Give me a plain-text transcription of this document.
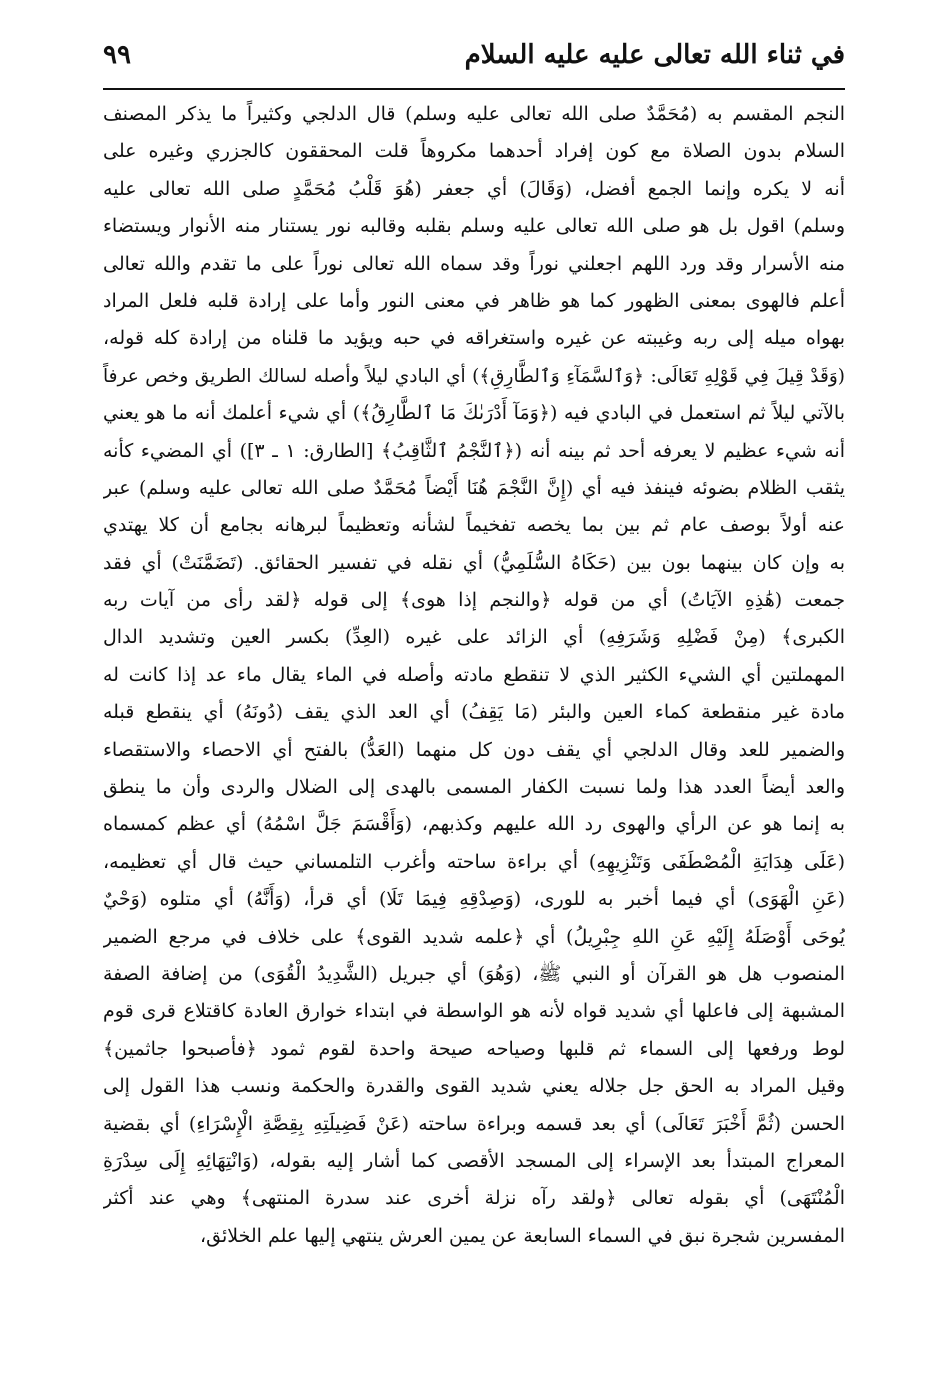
في ثناء الله تعالى عليه عليه السلام
٩٩
النجم المقسم به (مُحَمَّدٌ صلى الله تعالى عليه وسلم) قال الدلجي وكثيراً ما يذكر المصنف
السلام بدون الصلاة مع كون إفراد أحدهما مكروهاً قلت المحققون كالجزري وغيره على
أنه لا يكره وإنما الجمع أفضل، (وَقَالَ) أي جعفر (هُوَ قَلْبُ مُحَمَّدٍ صلى الله تعالى عليه
وسلم) اقول بل هو صلى الله تعالى عليه وسلم بقلبه وقالبه نور يستنار منه الأنوار ويستضاء
منه الأسرار وقد ورد اللهم اجعلني نوراً وقد سماه الله تعالى نوراً على ما تقدم والله تعالى
أعلم فالهوى بمعنى الظهور كما هو ظاهر في معنى النور وأما على إرادة قلبه فلعل المراد
بهواه ميله إلى ربه وغيبته عن غيره واستغراقه في حبه ويؤيد ما قلناه من إرادة كله قوله،
(وَقَدْ قِيلَ فِي قَوْلِهِ تَعَالَى: ﴿وَٱلسَّمَآءِ وَٱلطَّارِقِ﴾) أي البادي ليلاً وأصله لسالك الطريق وخص عرفاً
بالآتي ليلاً ثم استعمل في البادي فيه (﴿وَمَآ أَدْرَىٰكَ مَا ٱلطَّارِقُ﴾) أي شيء أعلمك أنه ما هو يعني
أنه شيء عظيم لا يعرفه أحد ثم بينه أنه (﴿ٱلنَّجْمُ ٱلثَّاقِبُ﴾ [الطارق: ١ ـ ٣]) أي المضيء كأنه
يثقب الظلام بضوئه فينفذ فيه أي (إِنَّ النَّجْمَ هُنَا أَيْضاً مُحَمَّدٌ صلى الله تعالى عليه وسلم) عبر
عنه أولاً بوصف عام ثم بين بما يخصه تفخيماً لشأنه وتعظيماً لبرهانه بجامع أن كلا يهتدي
به وإن كان بينهما بون بين (حَكَاهُ السُّلَمِيُّ) أي نقله في تفسير الحقائق. (تَضَمَّنَتْ) أي فقد
جمعت (هَٰذِهِ الآيَاتُ) أي من قوله ﴿والنجم إذا هوى﴾ إلى قوله ﴿لقد رأى من آيات ربه
الكبرى﴾ (مِنْ فَضْلِهِ وَشَرَفِهِ) أي الزائد على غيره (العِدِّ) بكسر العين وتشديد الدال
المهملتين أي الشيء الكثير الذي لا تنقطع مادته وأصله في الماء يقال ماء عد إذا كانت له
مادة غير منقطعة كماء العين والبئر (مَا يَقِفُ) أي العد الذي يقف (دُونَهُ) أي ينقطع قبله
والضمير للعد وقال الدلجي أي يقف دون كل منهما (العَدُّ) بالفتح أي الاحصاء والاستقصاء
والعد أيضاً العدد هذا ولما نسبت الكفار المسمى بالهدى إلى الضلال والردى وأن ما ينطق
به إنما هو عن الرأي والهوى رد الله عليهم وكذبهم، (وَأَقْسَمَ جَلَّ اسْمُهُ) أي عظم كمسماه
(عَلَى هِدَايَةِ الْمُصْطَفَى وَتَنْزِيهِهِ) أي براءة ساحته وأغرب التلمساني حيث قال أي تعظيمه،
(عَنِ الْهَوَى) أي فيما أخبر به للورى، (وَصِدْقِهِ فِيمَا تَلَا) أي قرأ، (وَأَنَّهُ) أي متلوه (وَحْيٌ
يُوحَى أَوْصَلَهُ إِلَيْهِ عَنِ اللهِ جِبْرِيلُ) أي ﴿علمه شديد القوى﴾ على خلاف في مرجع الضمير
المنصوب هل هو القرآن أو النبي ﷺ، (وَهُوَ) أي جبريل (الشَّدِيدُ الْقُوَى) من إضافة الصفة
المشبهة إلى فاعلها أي شديد قواه لأنه هو الواسطة في ابتداء خوارق العادة كاقتلاع قرى قوم
لوط ورفعها إلى السماء ثم قلبها وصياحه صيحة واحدة لقوم ثمود ﴿فأصبحوا جاثمين﴾
وقيل المراد به الحق جل جلاله يعني شديد القوى والقدرة والحكمة ونسب هذا القول إلى
الحسن (ثُمَّ أَخْبَرَ تَعَالَى) أي بعد قسمه وبراءة ساحته (عَنْ فَضِيلَتِهِ بِقِصَّةِ الْإِسْرَاءِ) أي بقضية
المعراج المبتدأ بعد الإسراء إلى المسجد الأقصى كما أشار إليه بقوله، (وَانْتِهَائِهِ إِلَى سِدْرَةِ
الْمُنْتَهَى) أي بقوله تعالى ﴿ولقد رآه نزلة أخرى عند سدرة المنتهى﴾ وهي عند أكثر
المفسرين شجرة نبق في السماء السابعة عن يمين العرش ينتهي إليها علم الخلائق،
